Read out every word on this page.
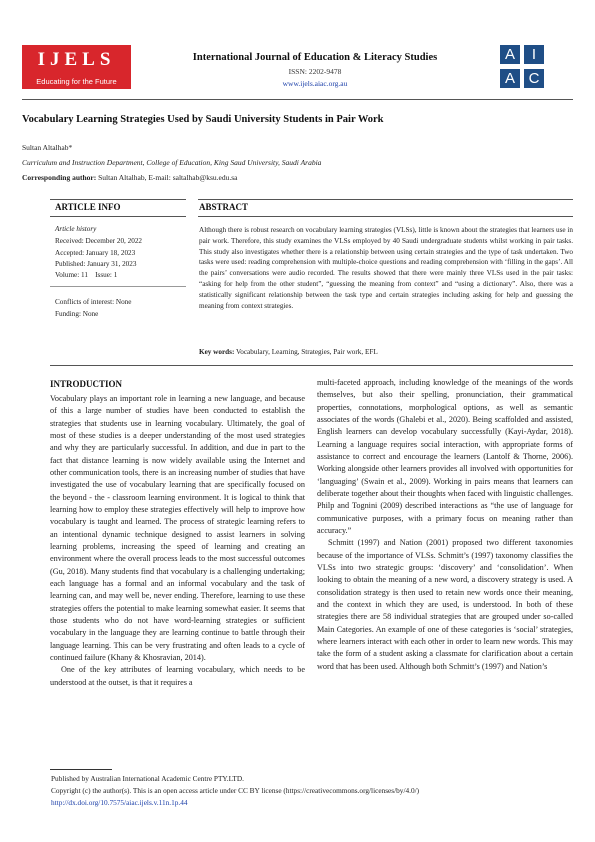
IJELS
Educating for the Future
International Journal of Education & Literacy Studies
ISSN: 2202-9478
www.ijels.aiac.org.au
A	I
A C
Vocabulary Learning Strategies Used by Saudi University Students in Pair Work
Sultan Altalhab*
Curriculum and Instruction Department, College of Education, King Saud University, Saudi Arabia
Corresponding author: Sultan Altalhab, E-mail: saltalhab@ksu.edu.sa
ARTICLE INFO	ABSTRACT
Article history
Received: December 20, 2022
Accepted: January 18, 2023
Published: January 31, 2023
Volume: 11    Issue: 1
Conflicts of interest: None
Funding: None
Although there is robust research on vocabulary learning strategies (VLSs), little is known about the strategies that learners use in pair work. Therefore, this study examines the VLSs employed by 40 Saudi undergraduate students whilst working in pair tasks. This study also investigates whether there is a relationship between using certain strategies and the type of task undertaken. Two tasks were used: reading comprehension with multiple-choice questions and reading comprehension with ‘filling in the gaps’. All the pairs’ conversations were audio recorded. The results showed that there were mainly three VLSs used in the pair tasks: “asking for help from the other student”, “guessing the meaning from context” and “using a dictionary”. Also, there was a statistically significant relationship between the task type and certain strategies including asking for help and guessing the meaning from context strategies.
Key words: Vocabulary, Learning, Strategies, Pair work, EFL
INTRODUCTION

Vocabulary plays an important role in learning a new language, and because of this a large number of studies have been conducted to establish the strategies that students use in learning vocabulary. Ultimately, the goal of most of these studies is a deeper understanding of the most used strategies and why they are particularly successful. In addition, and due in part to the fact that distance learning is now widely available using the Internet and other communication tools, there is an increasing number of studies that have investigated the use of vocabulary learning that are specifically focused on the beyond - the - classroom learning environment. It is logical to think that learning how to employ these strategies effectively will help to improve how vocabulary is taught and learned. The process of strategic learning refers to an intentional dynamic technique designed to assist learners in solving learning problems, increasing the speed of learning and creating an environment where the overall process leads to the most successful outcomes (Gu, 2018). Many students find that vocabulary is a challenging undertaking; each language has a formal and an informal vocabulary and the task of learning can, and may well be, never ending. Therefore, learning to use these strategies offers the potential to make learning somewhat easier. It seems that those students who do not have word-learning strategies or sufficient vocabulary in the language they are learning continue to battle through their language learning. This can be very frustrating and often leads to a cycle of continued failure (Khany & Khosravian, 2014).

One of the key attributes of learning vocabulary, which needs to be understood at the outset, is that it requires a

multi-faceted approach, including knowledge of the meanings of the words themselves, but also their spelling, pronunciation, their grammatical properties, connotations, morphological options, as well as semantic associates of the words (Ghalebi et al., 2020). Being scaffolded and assisted, English learners can develop vocabulary successfully (Kayi-Aydar, 2018). Learning a language requires social interaction, with appropriate forms of assistance to correct and encourage the learners (Lantolf & Thorne, 2006). Working alongside other learners provides all involved with opportunities for ‘languaging’ (Swain et al., 2009). Working in pairs means that learners can deliberate together about their thoughts when faced with linguistic challenges. Philp and Tognini (2009) described interactions as “the use of language for communicative purposes, with a primary focus on meaning rather than accuracy.”

Schmitt (1997) and Nation (2001) proposed two different taxonomies because of the importance of VLSs. Schmitt’s (1997) taxonomy classifies the VLSs into two strategic groups: ‘discovery’ and ‘consolidation’. When looking to obtain the meaning of a new word, a discovery strategy is used. A consolidation strategy is then used to retain new words once their meaning, and the context in which they are used, is understood. In both of these strategies there are 58 individual strategies that are grouped under so-called Main Categories. An example of one of these categories is ‘social’ strategies, where learners interact with each other in order to learn new words. This may take the form of a student asking a classmate for clarification about a certain word that has been used. Although both Schmitt’s (1997) and Nation’s

Published by Australian International Academic Centre PTY.LTD.
Copyright (c) the author(s). This is an open access article under CC BY license (https://creativecommons.org/licenses/by/4.0/)
http://dx.doi.org/10.7575/aiac.ijels.v.11n.1p.44
